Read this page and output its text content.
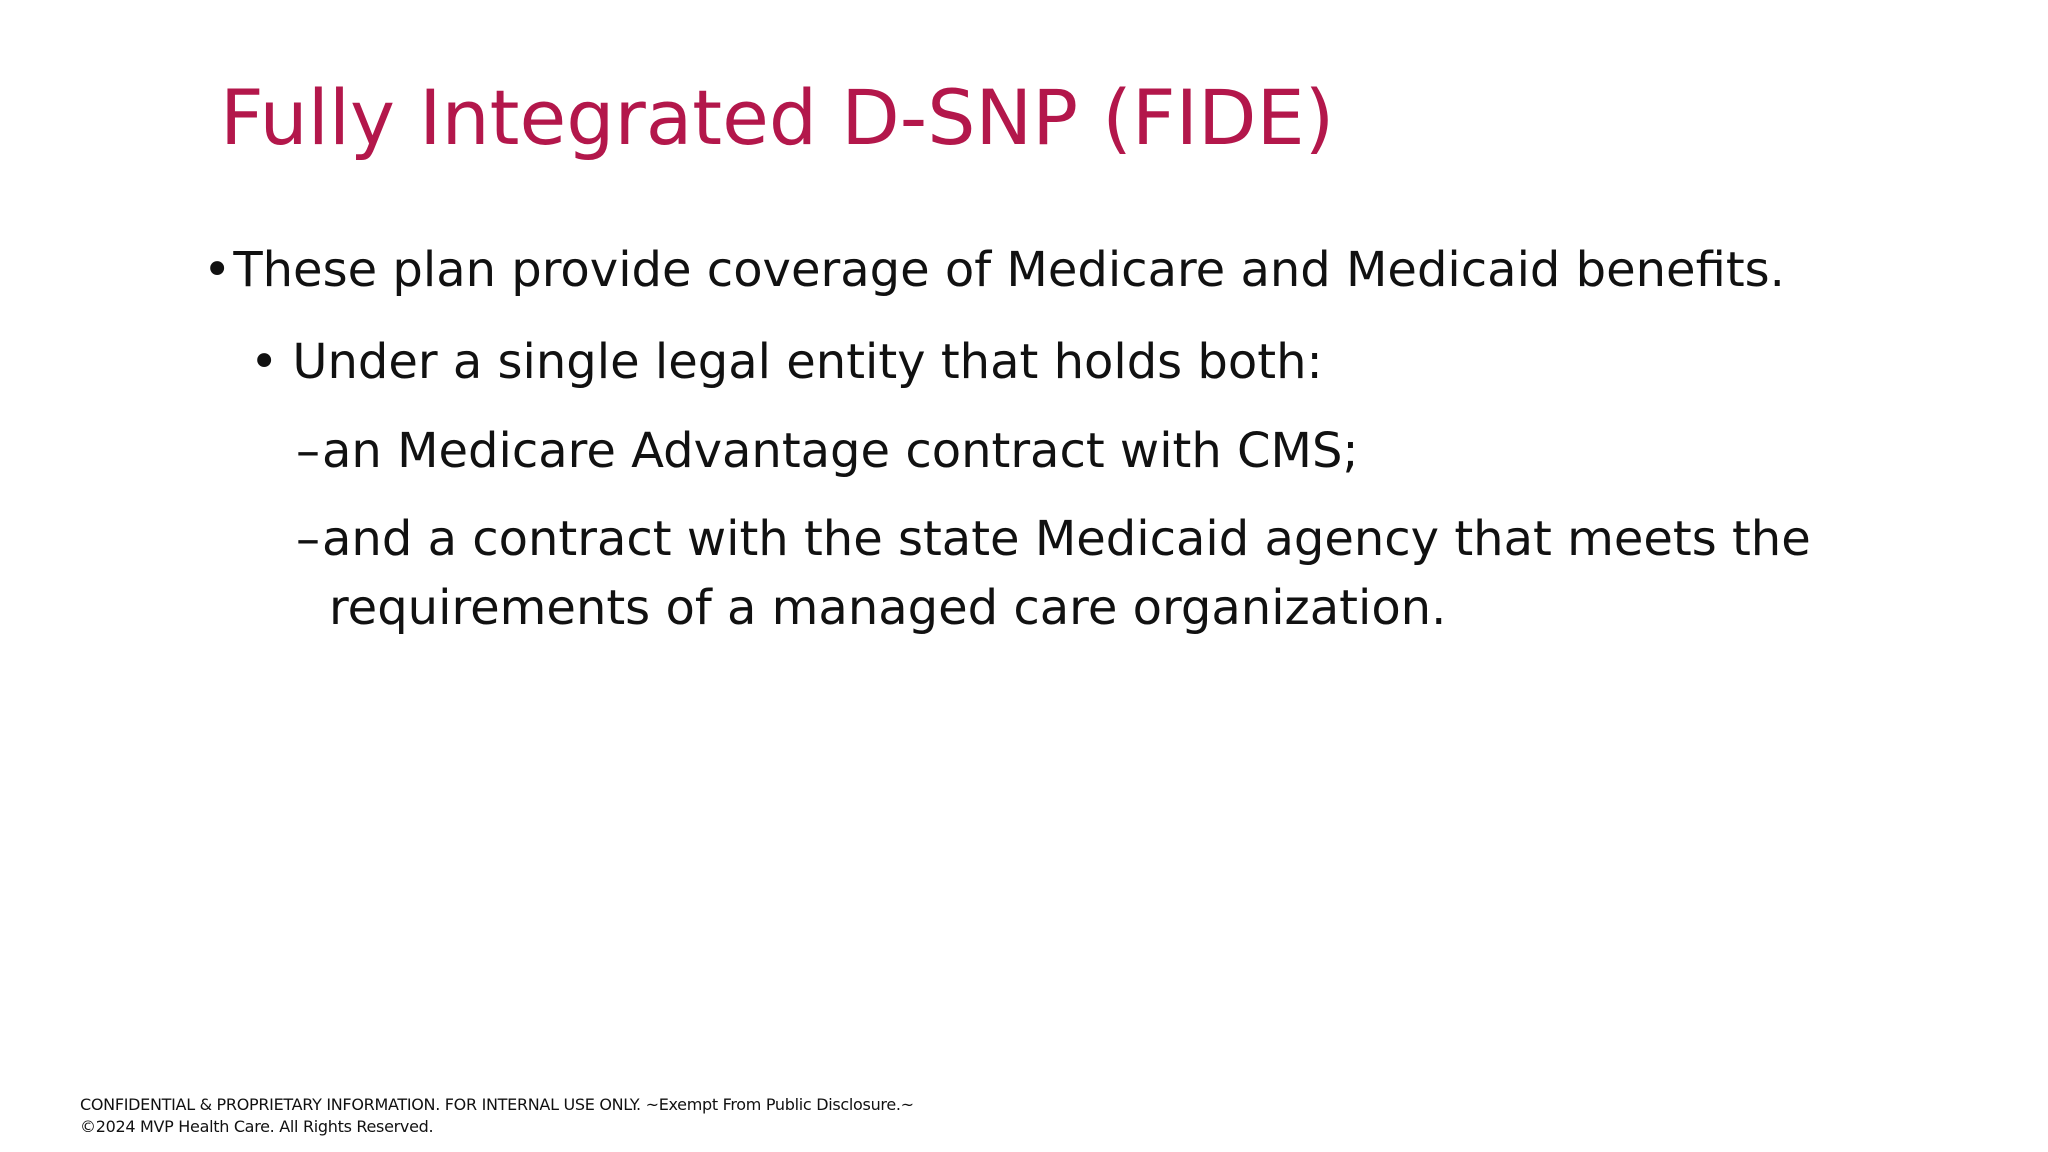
Fully Integrated D-SNP (FIDE)
•These plan provide coverage of Medicare and Medicaid benefits.
• Under a single legal entity that holds both:
–an Medicare Advantage contract with CMS;
–and a contract with the state Medicaid agency that meets the
requirements of a managed care organization.
CONFIDENTIAL & PROPRIETARY INFORMATION. FOR INTERNAL USE ONLY. ~Exempt From Public Disclosure.~
©2024 MVP Health Care. All Rights Reserved.
